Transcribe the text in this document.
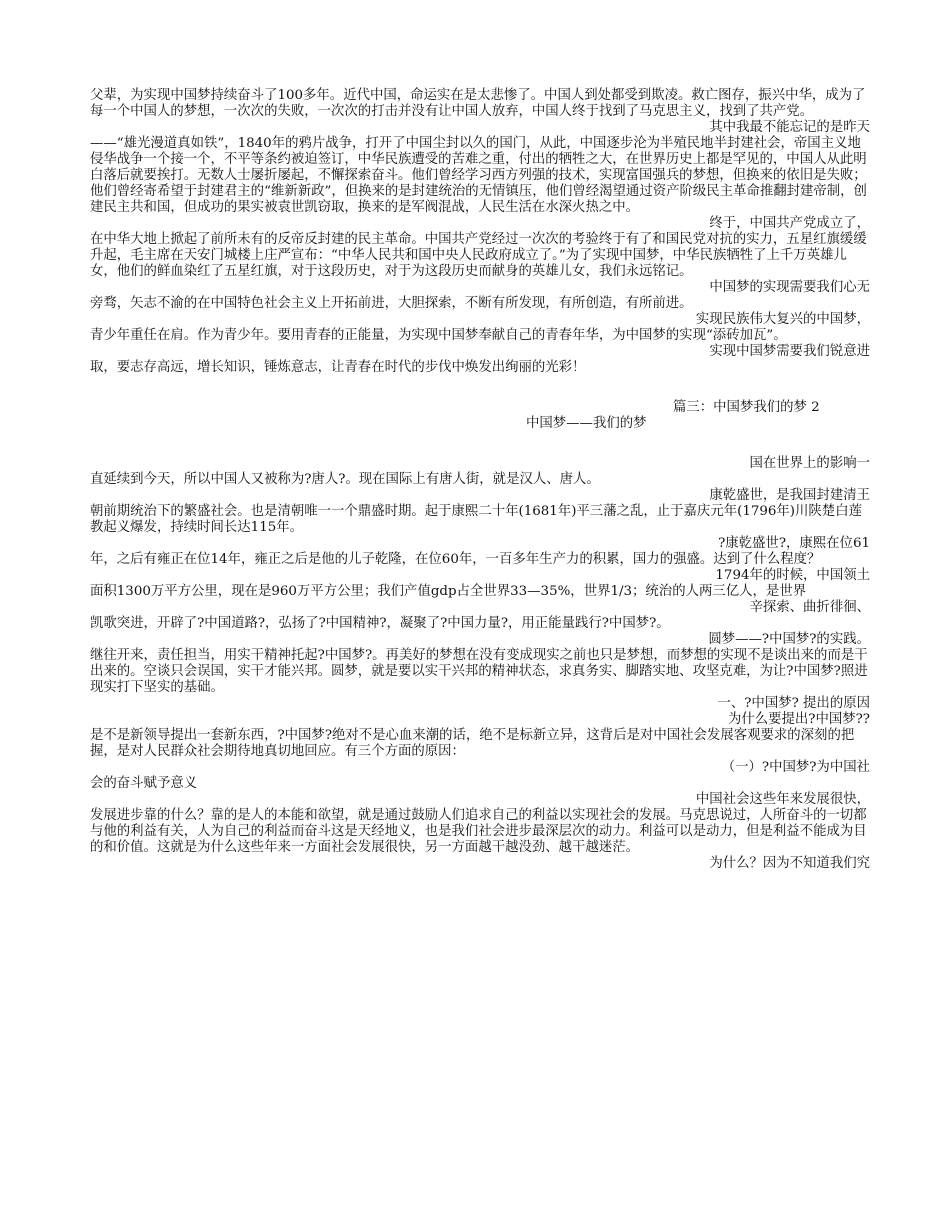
父辈，为实现中国梦持续奋斗了100多年。近代中国，命运实在是太悲惨了。中国人到处都受到欺凌。救亡图存，振兴中华，成为了每一个中国人的梦想，一次次的失败，一次次的打击并没有让中国人放弃，中国人终于找到了马克思主义，找到了共产党。

其中我最不能忘记的是昨天

——“雄光漫道真如铁”，1840年的鸦片战争，打开了中国尘封以久的国门，从此，中国逐步沦为半殖民地半封建社会，帝国主义地侵华战争一个接一个，不平等条约被迫签订，中华民族遭受的苦难之重，付出的牺牲之大，在世界历史上都是罕见的，中国人从此明白落后就要挨打。无数人士屡折屡起，不懈探索奋斗。他们曾经学习西方列强的技术，实现富国强兵的梦想，但换来的依旧是失败；他们曾经寄希望于封建君主的“维新新政”，但换来的是封建统治的无情镇压，他们曾经渴望通过资产阶级民主革命推翻封建帝制，创建民主共和国，但成功的果实被袁世凯窃取，换来的是军阀混战，人民生活在水深火热之中。

终于，中国共产党成立了，

在中华大地上掀起了前所未有的反帝反封建的民主革命。中国共产党经过一次次的考验终于有了和国民党对抗的实力，五星红旗缓缓升起，毛主席在天安门城楼上庄严宣布：“中华人民共和国中央人民政府成立了。”为了实现中国梦，中华民族牺牲了上千万英雄儿女，他们的鲜血染红了五星红旗，对于这段历史，对于为这段历史而献身的英雄儿女，我们永远铭记。

中国梦的实现需要我们心无

旁骛，矢志不渝的在中国特色社会主义上开拓前进，大胆探索，不断有所发现，有所创造，有所前进。

实现民族伟大复兴的中国梦，

青少年重任在肩。作为青少年。要用青春的正能量，为实现中国梦奉献自己的青春年华，为中国梦的实现“添砖加瓦”。

实现中国梦需要我们锐意进

取，要志存高远，增长知识，锤炼意志，让青春在时代的步伐中焕发出绚丽的光彩！

篇三：中国梦我们的梦 2

中国梦——我们的梦

国在世界上的影响一

直延续到今天，所以中国人又被称为?唐人?。现在国际上有唐人街，就是汉人、唐人。

康乾盛世，是我国封建清王

朝前期统治下的繁盛社会。也是清朝唯一一个鼎盛时期。起于康熙二十年(1681年)平三藩之乱，止于嘉庆元年(1796年)川陕楚白莲教起义爆发，持续时间长达115年。

?康乾盛世?，康熙在位61

年，之后有雍正在位14年，雍正之后是他的儿子乾隆，在位60年，一百多年生产力的积累，国力的强盛。达到了什么程度？

1794年的时候，中国领土

面积1300万平方公里，现在是960万平方公里；我们产值gdp占全世界33—35%，世界1/3；统治的人两三亿人，是世界

辛探索、曲折徘徊、

凯歌突进，开辟了?中国道路?，弘扬了?中国精神?，凝聚了?中国力量?，用正能量践行?中国梦?。

圆梦——?中国梦?的实践。

继往开来，责任担当，用实干精神托起?中国梦?。再美好的梦想在没有变成现实之前也只是梦想，而梦想的实现不是谈出来的而是干出来的。空谈只会误国，实干才能兴邦。圆梦，就是要以实干兴邦的精神状态，求真务实、脚踏实地、攻坚克难，为让?中国梦?照进现实打下坚实的基础。

一、?中国梦? 提出的原因

为什么要提出?中国梦??

是不是新领导提出一套新东西，?中国梦?绝对不是心血来潮的话，绝不是标新立异，这背后是对中国社会发展客观要求的深刻的把握，是对人民群众社会期待地真切地回应。有三个方面的原因：

（一）?中国梦?为中国社

会的奋斗赋予意义

中国社会这些年来发展很快，

发展进步靠的什么？靠的是人的本能和欲望，就是通过鼓励人们追求自己的利益以实现社会的发展。马克思说过，人所奋斗的一切都与他的利益有关，人为自己的利益而奋斗这是天经地义，也是我们社会进步最深层次的动力。利益可以是动力，但是利益不能成为目的和价值。这就是为什么这些年来一方面社会发展很快，另一方面越干越没劲、越干越迷茫。

为什么？因为不知道我们究
